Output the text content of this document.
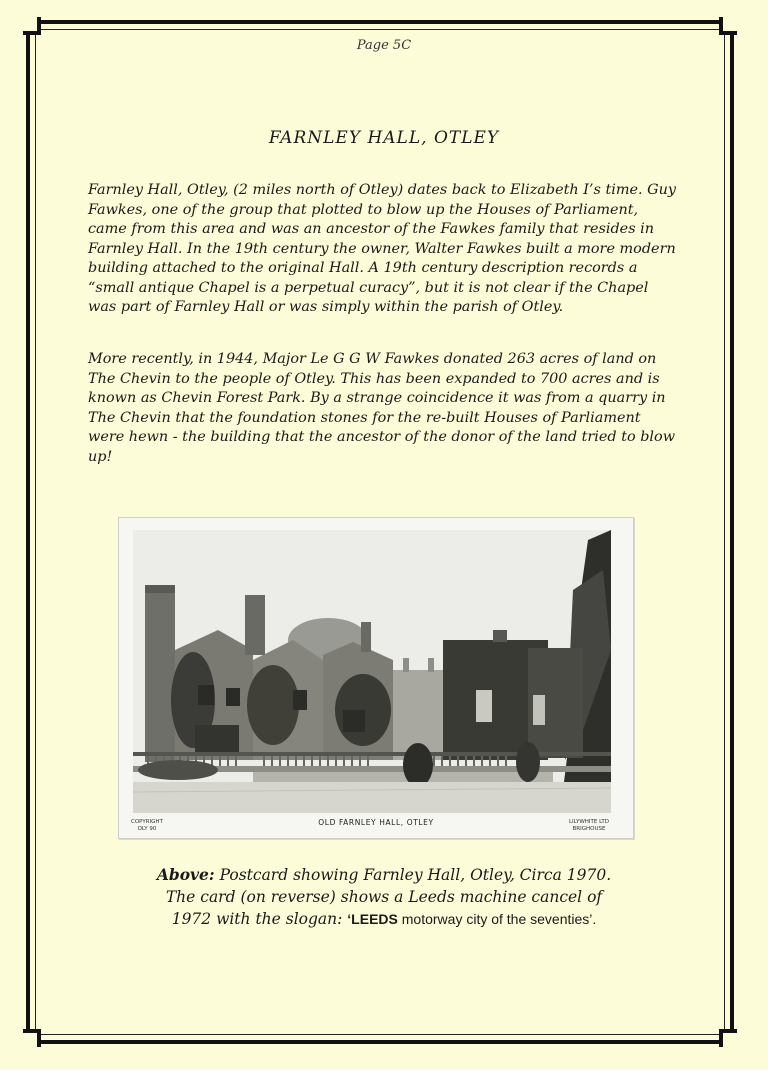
Page 5C
FARNLEY HALL, OTLEY

Farnley Hall, Otley, (2 miles north of Otley) dates back to Elizabeth I’s time. Guy Fawkes, one of the group that plotted to blow up the Houses of Parliament, came from this area and was an ancestor of the Fawkes family that resides in Farnley Hall. In the 19th century the owner, Walter Fawkes built a more modern building attached to the original Hall. A 19th century description records a “small antique Chapel is a perpetual curacy”, but it is not clear if the Chapel was part of Farnley Hall or was simply within the parish of Otley.

More recently, in 1944, Major Le G G W Fawkes donated 263 acres of land on The Chevin to the people of Otley. This has been expanded to 700 acres and is known as Chevin Forest Park. By a strange coincidence it was from a quarry in The Chevin that the foundation stones for the re-built Houses of Parliament were hewn - the building that the ancestor of the donor of the land tried to blow up!

COPYRIGHT
OLY 90
OLD FARNLEY HALL, OTLEY	LILYWHITE LTD
BRIGHOUSE
Above: Postcard showing Farnley Hall, Otley, Circa 1970.
The card (on reverse) shows a Leeds machine cancel of
1972 with the slogan: ‘LEEDS motorway city of the seventies’.
